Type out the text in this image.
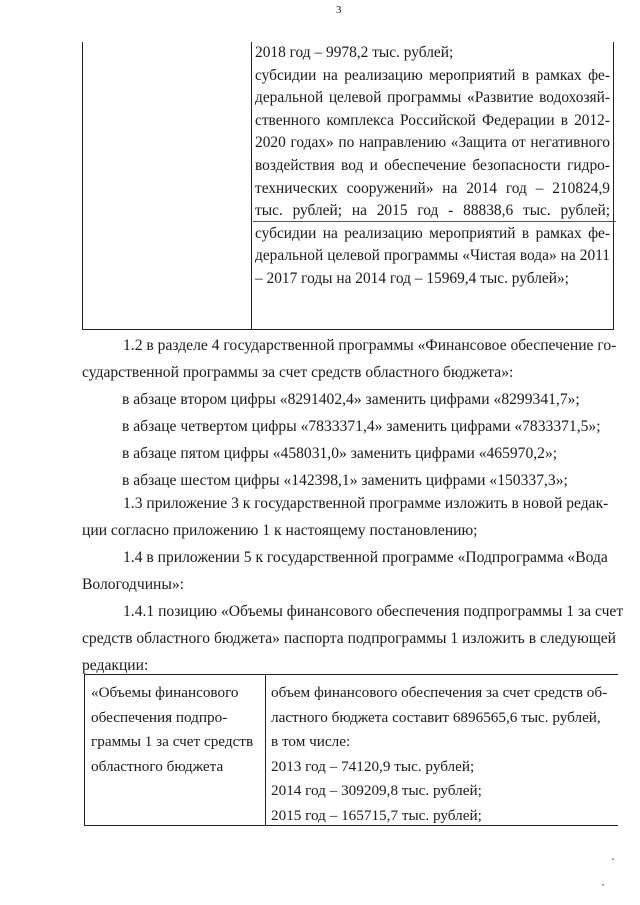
3
2018 год – 9978,2 тыс. рублей;
субсидии на реализацию мероприятий в рамках фе-
деральной целевой программы «Развитие водохозяй-
ственного комплекса Российской Федерации в 2012-
2020 годах» по направлению «Защита от негативного
воздействия вод и обеспечение безопасности гидро-
технических сооружений» на 2014 год – 210824,9
тыс. рублей; на 2015 год - 88838,6 тыс. рублей;
субсидии на реализацию мероприятий в рамках фе-
деральной целевой программы «Чистая вода» на 2011
– 2017 годы на 2014 год – 15969,4 тыс. рублей»;
1.2 в разделе 4 государственной программы «Финансовое обеспечение го-
сударственной программы за счет средств областного бюджета»:
в абзаце втором цифры «8291402,4» заменить цифрами «8299341,7»;
в абзаце четвертом цифры «7833371,4» заменить цифрами «7833371,5»;
в абзаце пятом цифры «458031,0» заменить цифрами «465970,2»;
в абзаце шестом цифры «142398,1» заменить цифрами «150337,3»;
1.3 приложение 3 к государственной программе изложить в новой редак-
ции согласно приложению 1 к настоящему постановлению;
1.4 в приложении 5 к государственной программе «Подпрограмма «Вода
Вологодчины»:
1.4.1 позицию «Объемы финансового обеспечения подпрограммы 1 за счет
средств областного бюджета» паспорта подпрограммы 1 изложить в следующей
редакции:
«Объемы финансового
обеспечения подпро-
граммы 1 за счет средств
областного бюджета
объем финансового обеспечения за счет средств об-
ластного бюджета составит 6896565,6 тыс. рублей,
в том числе:
2013 год – 74120,9 тыс. рублей;
2014 год – 309209,8 тыс. рублей;
2015 год – 165715,7 тыс. рублей;
